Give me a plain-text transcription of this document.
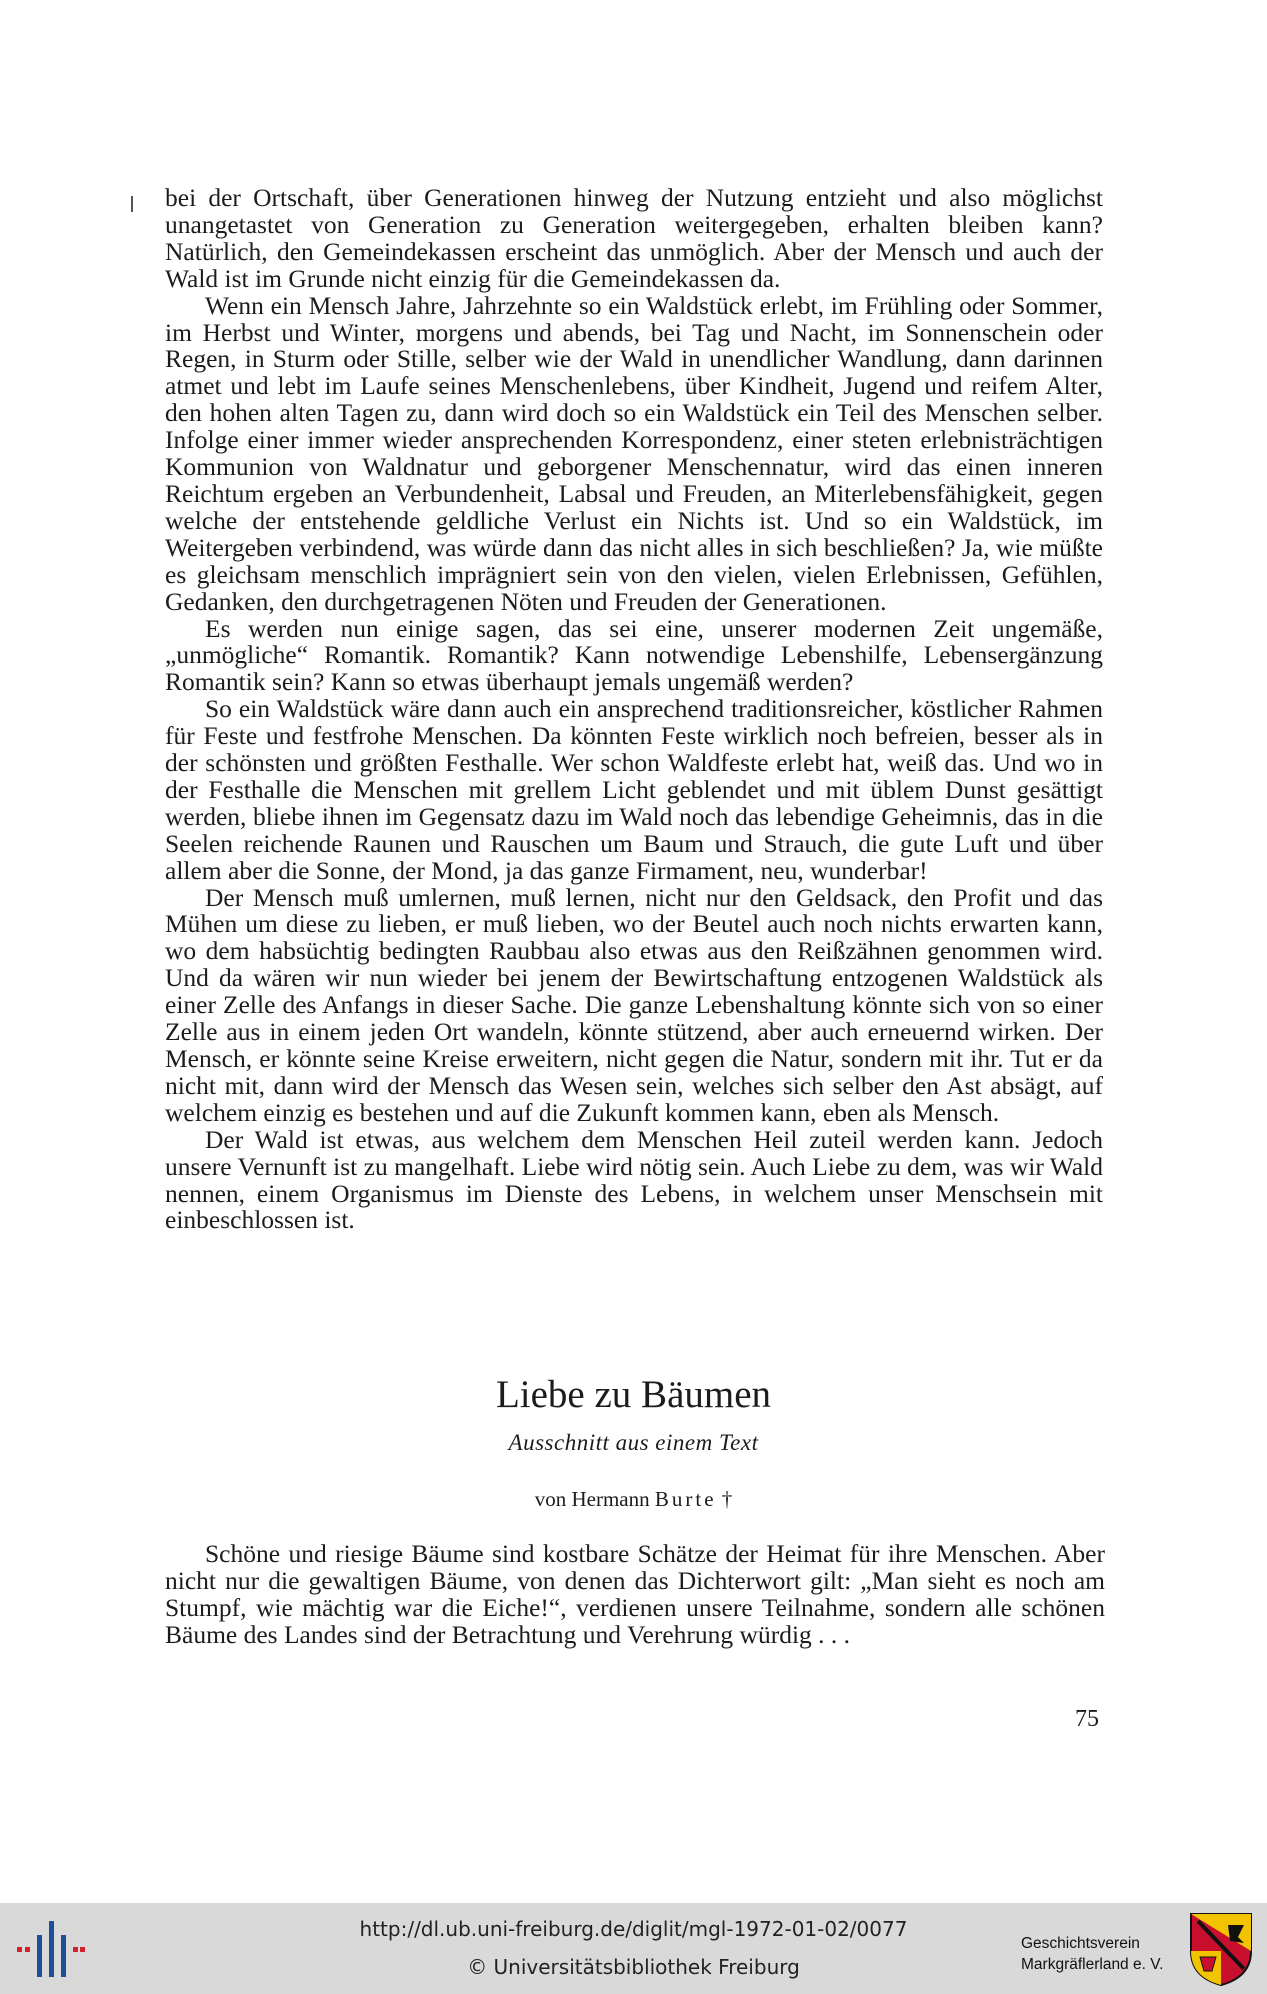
bei der Ortschaft, über Generationen hinweg der Nutzung entzieht und also möglichst unangetastet von Generation zu Generation weitergegeben, erhalten bleiben kann? Natürlich, den Gemeindekassen erscheint das unmöglich. Aber der Mensch und auch der Wald ist im Grunde nicht einzig für die Gemeindekassen da.

Wenn ein Mensch Jahre, Jahrzehnte so ein Waldstück erlebt, im Frühling oder Sommer, im Herbst und Winter, morgens und abends, bei Tag und Nacht, im Sonnenschein oder Regen, in Sturm oder Stille, selber wie der Wald in unendlicher Wandlung, dann darinnen atmet und lebt im Laufe seines Menschenlebens, über Kindheit, Jugend und reifem Alter, den hohen alten Tagen zu, dann wird doch so ein Waldstück ein Teil des Menschen selber. Infolge einer immer wieder ansprechenden Korrespondenz, einer steten erlebnisträchtigen Kommunion von Waldnatur und geborgener Menschennatur, wird das einen inneren Reichtum ergeben an Verbundenheit, Labsal und Freuden, an Miterlebensfähigkeit, gegen welche der entstehende geldliche Verlust ein Nichts ist. Und so ein Waldstück, im Weitergeben verbindend, was würde dann das nicht alles in sich beschließen? Ja, wie müßte es gleichsam menschlich imprägniert sein von den vielen, vielen Erlebnissen, Gefühlen, Gedanken, den durchgetragenen Nöten und Freuden der Generationen.

Es werden nun einige sagen, das sei eine, unserer modernen Zeit ungemäße, „unmögliche“ Romantik. Romantik? Kann notwendige Lebenshilfe, Lebensergänzung Romantik sein? Kann so etwas überhaupt jemals ungemäß werden?

So ein Waldstück wäre dann auch ein ansprechend traditionsreicher, köstlicher Rahmen für Feste und festfrohe Menschen. Da könnten Feste wirklich noch befreien, besser als in der schönsten und größten Festhalle. Wer schon Waldfeste erlebt hat, weiß das. Und wo in der Festhalle die Menschen mit grellem Licht geblendet und mit üblem Dunst gesättigt werden, bliebe ihnen im Gegensatz dazu im Wald noch das lebendige Geheimnis, das in die Seelen reichende Raunen und Rauschen um Baum und Strauch, die gute Luft und über allem aber die Sonne, der Mond, ja das ganze Firmament, neu, wunderbar!

Der Mensch muß umlernen, muß lernen, nicht nur den Geldsack, den Profit und das Mühen um diese zu lieben, er muß lieben, wo der Beutel auch noch nichts erwarten kann, wo dem habsüchtig bedingten Raubbau also etwas aus den Reißzähnen genommen wird. Und da wären wir nun wieder bei jenem der Bewirtschaftung entzogenen Waldstück als einer Zelle des Anfangs in dieser Sache. Die ganze Lebenshaltung könnte sich von so einer Zelle aus in einem jeden Ort wandeln, könnte stützend, aber auch erneuernd wirken. Der Mensch, er könnte seine Kreise erweitern, nicht gegen die Natur, sondern mit ihr. Tut er da nicht mit, dann wird der Mensch das Wesen sein, welches sich selber den Ast absägt, auf welchem einzig es bestehen und auf die Zukunft kommen kann, eben als Mensch.

Der Wald ist etwas, aus welchem dem Menschen Heil zuteil werden kann. Jedoch unsere Vernunft ist zu mangelhaft. Liebe wird nötig sein. Auch Liebe zu dem, was wir Wald nennen, einem Organismus im Dienste des Lebens, in welchem unser Menschsein mit einbeschlossen ist.

Liebe zu Bäumen
Ausschnitt aus einem Text
von Hermann Burte †

Schöne und riesige Bäume sind kostbare Schätze der Heimat für ihre Menschen. Aber nicht nur die gewaltigen Bäume, von denen das Dichterwort gilt: „Man sieht es noch am Stumpf, wie mächtig war die Eiche!“, verdienen unsere Teilnahme, sondern alle schönen Bäume des Landes sind der Betrachtung und Verehrung würdig . . .

75
http://dl.ub.uni-freiburg.de/diglit/mgl-1972-01-02/0077
© Universitätsbibliothek Freiburg
Geschichtsverein
Markgräflerland e. V.
